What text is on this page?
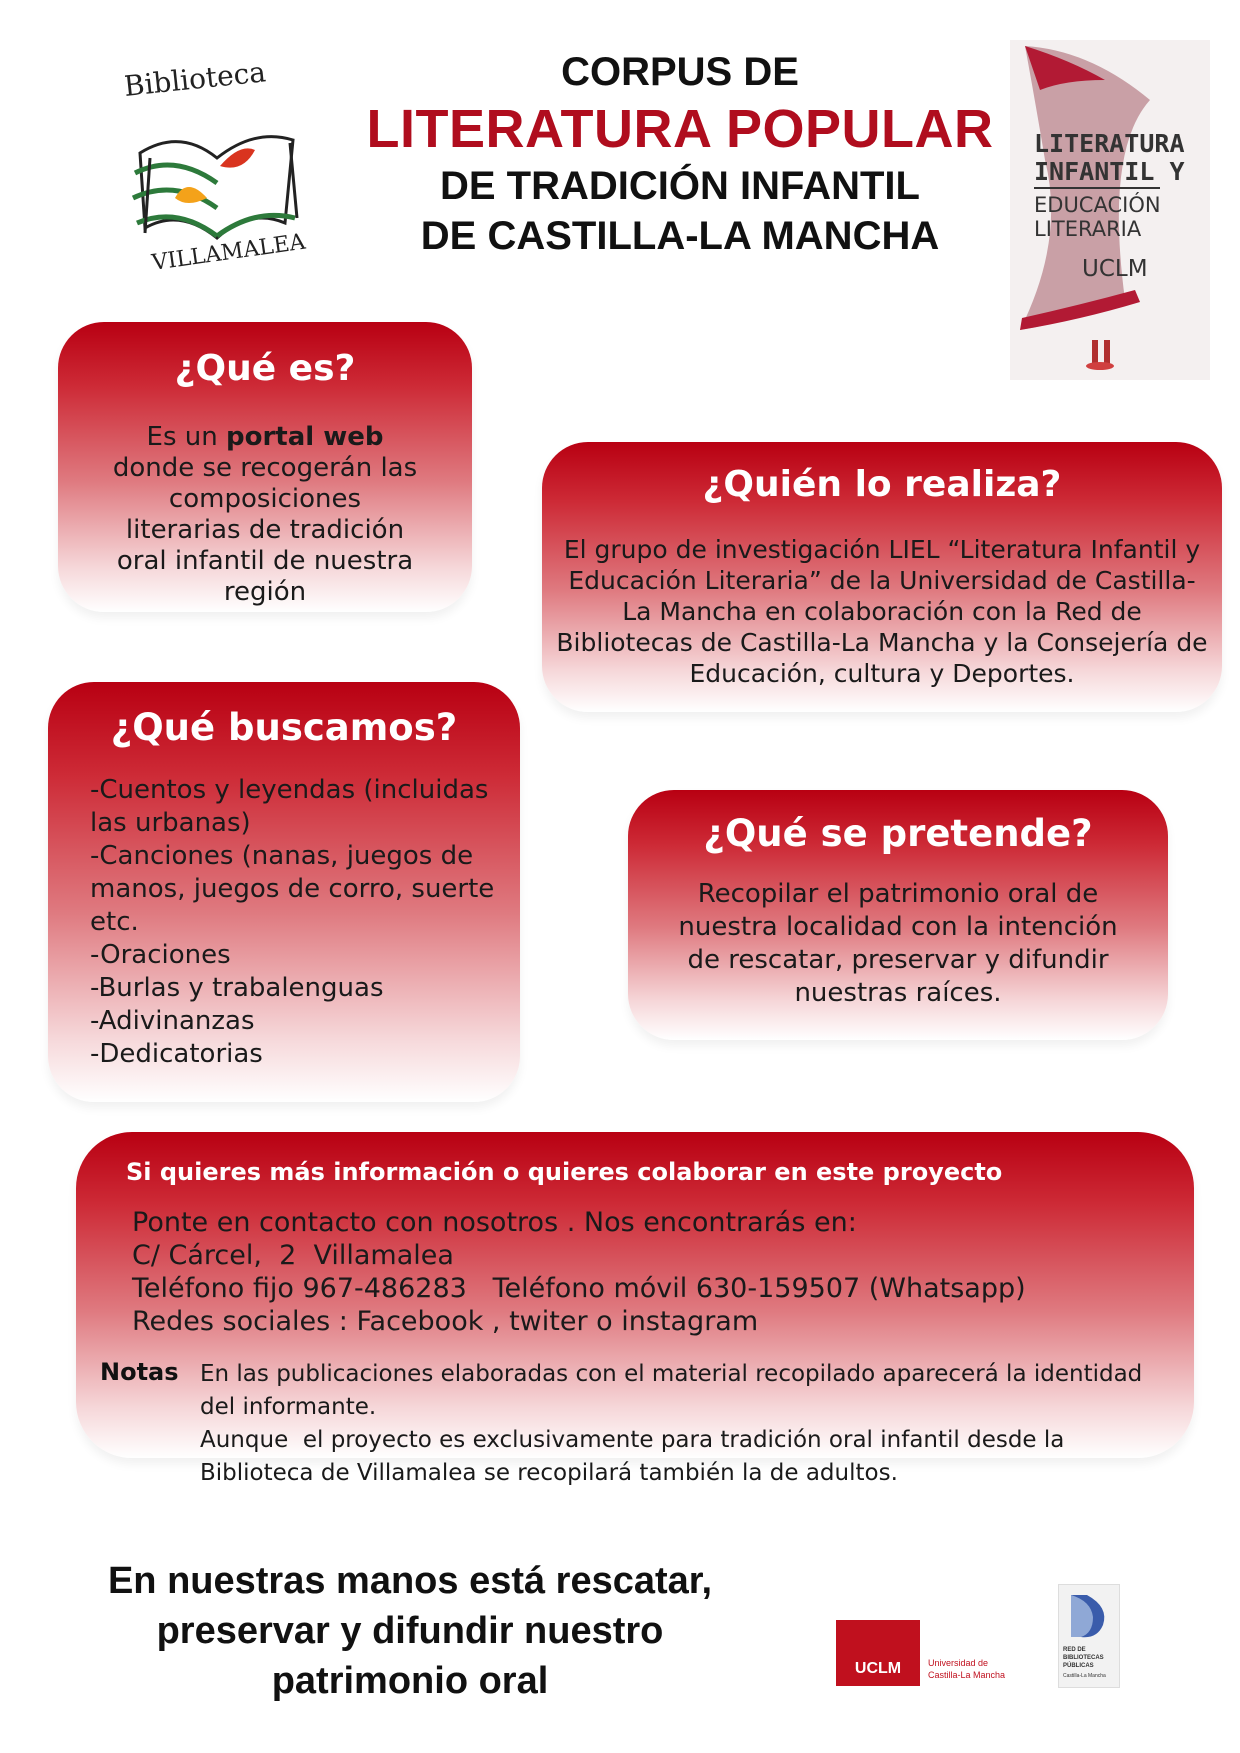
Biblioteca
VILLAMALEA
CORPUS DE
LITERATURA POPULAR
DE TRADICIÓN INFANTIL
DE CASTILLA-LA MANCHA
LITERATURA
INFANTIL Y
EDUCACIÓN
LITERARIA
UCLM
¿Qué es?
Es un portal web donde se recogerán las composiciones literarias de tradición oral infantil de nuestra región
¿Quién lo realiza?
El grupo de investigación LIEL “Literatura Infantil y Educación Literaria” de la Universidad de Castilla-La Mancha en colaboración con la Red de Bibliotecas de Castilla-La Mancha y la Consejería de Educación, cultura y Deportes.
¿Qué buscamos?
-Cuentos y leyendas (incluidas las urbanas)
-Canciones (nanas, juegos de manos, juegos de corro, suerte etc.
-Oraciones
-Burlas y trabalenguas
-Adivinanzas
-Dedicatorias
¿Qué se pretende?
Recopilar el patrimonio oral de nuestra localidad con la intención de rescatar, preservar y difundir nuestras raíces.
Si quieres más información o quieres colaborar en este proyecto
Ponte en contacto con nosotros . Nos encontrarás en:
C/ Cárcel,  2  Villamalea
Teléfono fijo 967-486283   Teléfono móvil 630-159507 (Whatsapp)
Redes sociales : Facebook , twiter o instagram
Notas En las publicaciones elaboradas con el material recopilado aparecerá la identidad del informante.
Aunque  el proyecto es exclusivamente para tradición oral infantil desde la Biblioteca de Villamalea se recopilará también la de adultos.
En nuestras manos está rescatar, preservar y difundir nuestro patrimonio oral	UCLM	Universidad de
Castilla-La Mancha
RED DE
BIBLIOTECAS
PÚBLICAS
Castilla-La Mancha
